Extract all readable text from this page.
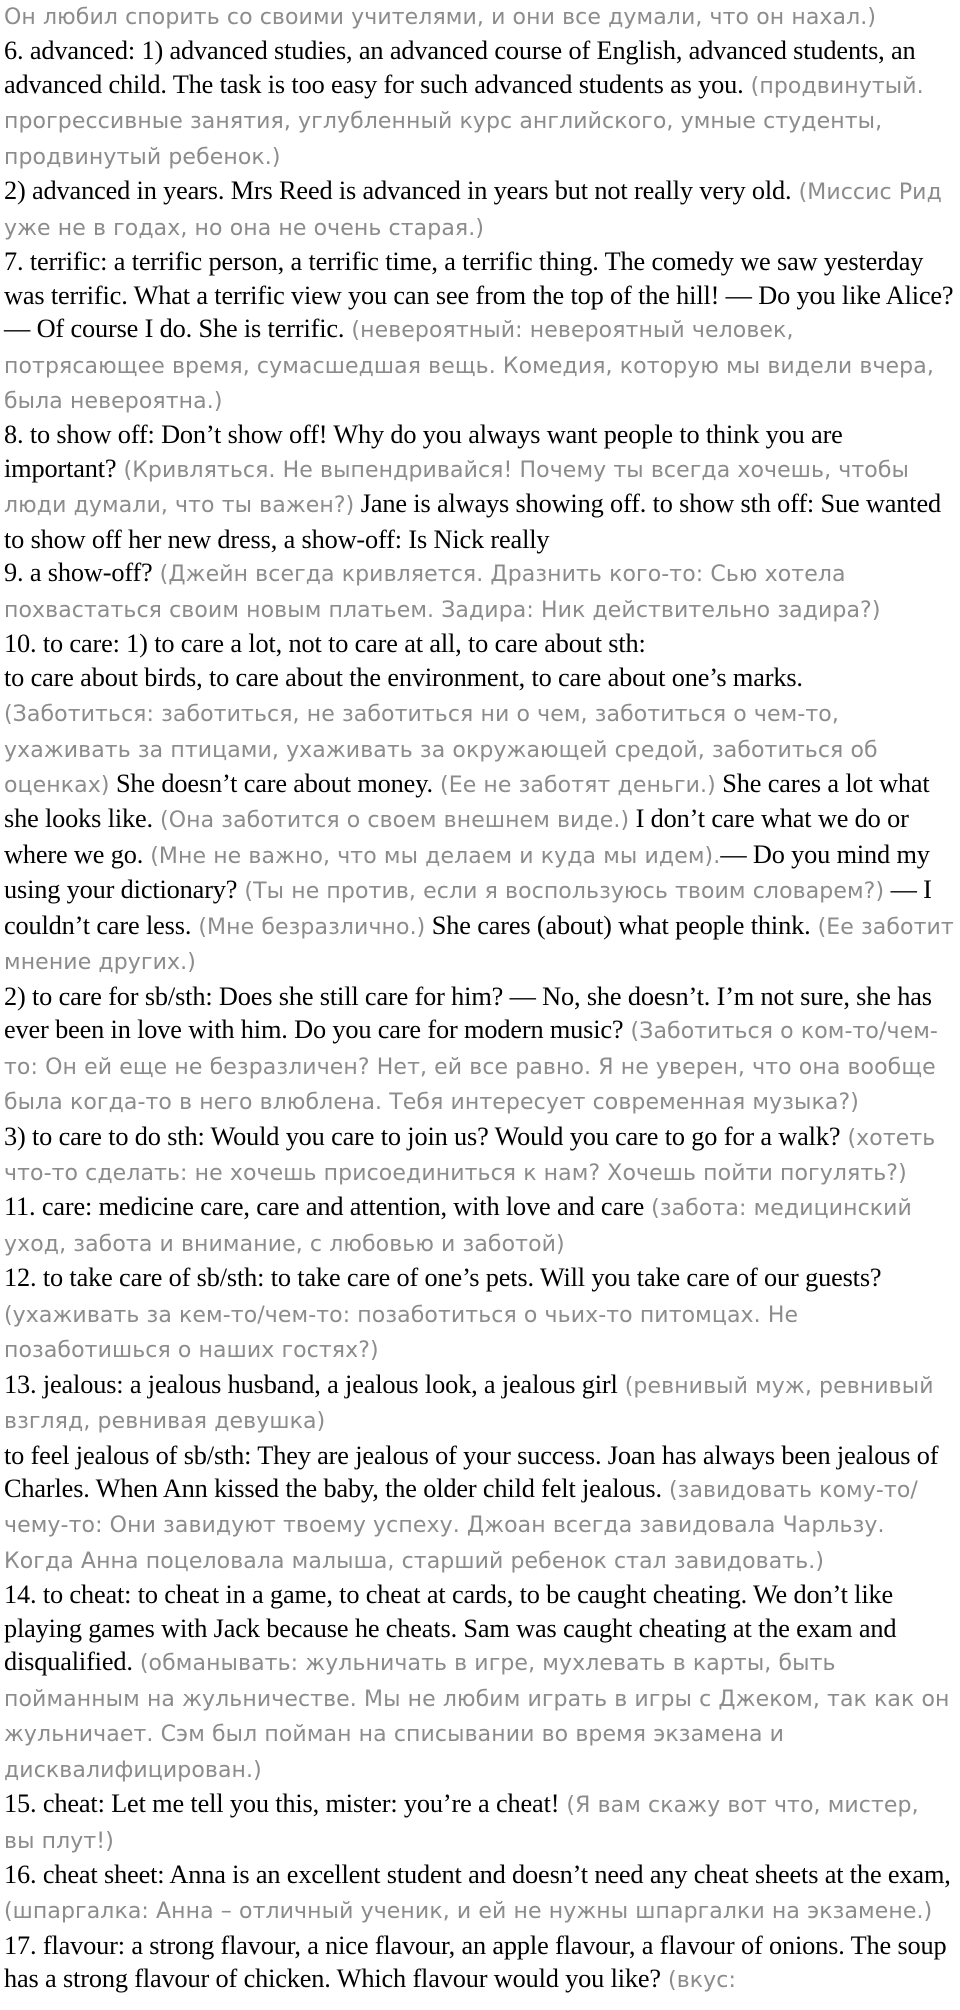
Он любил спорить со своими учителями, и они все думали, что он нахал.)

6. advanced: 1) advanced studies, an advanced course of English, advanced students, an advanced child. The task is too easy for such advanced students as you. (продвинутый. прогрессивные занятия, углубленный курс английского, умные студенты, продвинутый ребенок.)

2) advanced in years. Mrs Reed is advanced in years but not really very old. (Миссис Рид уже не в годах, но она не очень старая.)

7. terrific: a terrific person, a terrific time, a terrific thing. The comedy we saw yesterday was terrific. What a terrific view you can see from the top of the hill! — Do you like Alice? — Of course I do. She is terrific. (невероятный: невероятный человек, потрясающее время, сумасшедшая вещь. Комедия, которую мы видели вчера, была невероятна.)

8. to show off: Don’t show off! Why do you always want people to think you are important? (Кривляться. Не выпендривайся! Почему ты всегда хочешь, чтобы люди думали, что ты важен?) Jane is always showing off. to show sth off: Sue wanted to show off her new dress, a show-off: Is Nick really

9. a show-off? (Джейн всегда кривляется. Дразнить кого-то: Сью хотела похвастаться своим новым платьем. Задира: Ник действительно задира?)

10. to care: 1) to care a lot, not to care at all, to care about sth:

to care about birds, to care about the environment, to care about one’s marks. (Заботиться: заботиться, не заботиться ни о чем, заботиться о чем-то, ухаживать за птицами, ухаживать за окружающей средой, заботиться об оценках) She doesn’t care about money. (Ее не заботят деньги.) She cares a lot what she looks like. (Она заботится о своем внешнем виде.) I don’t care what we do or where we go. (Мне не важно, что мы делаем и куда мы идем).— Do you mind my using your dictionary? (Ты не против, если я воспользуюсь твоим словарем?) — I couldn’t care less. (Мне безразлично.) She cares (about) what people think. (Ее заботит мнение других.)

2) to care for sb/sth: Does she still care for him? — No, she doesn’t. I’m not sure, she has ever been in love with him. Do you care for modern music? (Заботиться о ком-то/чем-то: Он ей еще не безразличен? Нет, ей все равно. Я не уверен, что она вообще была когда-то в него влюблена. Тебя интересует современная музыка?)

3) to care to do sth: Would you care to join us? Would you care to go for a walk? (хотеть что-то сделать: не хочешь присоединиться к нам? Хочешь пойти погулять?)

11. care: medicine care, care and attention, with love and care (забота: медицинский уход, забота и внимание, с любовью и заботой)

12. to take care of sb/sth: to take care of one’s pets. Will you take care of our guests? (ухаживать за кем-то/чем-то: позаботиться о чьих-то питомцах. Не позаботишься о наших гостях?)

13. jealous: a jealous husband, a jealous look, a jealous girl (ревнивый муж, ревнивый взгляд, ревнивая девушка)

to feel jealous of sb/sth: They are jealous of your success. Joan has always been jealous of Charles. When Ann kissed the baby, the older child felt jealous. (завидовать кому-то/чему-то: Они завидуют твоему успеху. Джоан всегда завидовала Чарльзу. Когда Анна поцеловала малыша, старший ребенок стал завидовать.)

14. to cheat: to cheat in a game, to cheat at cards, to be caught cheating. We don’t like playing games with Jack because he cheats. Sam was caught cheating at the exam and disqualified. (обманывать: жульничать в игре, мухлевать в карты, быть пойманным на жульничестве. Мы не любим играть в игры с Джеком, так как он жульничает. Сэм был пойман на списывании во время экзамена и дисквалифицирован.)

15. cheat: Let me tell you this, mister: you’re a cheat! (Я вам скажу вот что, мистер, вы плут!)

16. cheat sheet: Anna is an excellent student and doesn’t need any cheat sheets at the exam, (шпаргалка: Анна – отличный ученик, и ей не нужны шпаргалки на экзамене.)

17. flavour: a strong flavour, a nice flavour, an apple flavour, a flavour of onions. The soup has a strong flavour of chicken. Which flavour would you like? (вкус:
